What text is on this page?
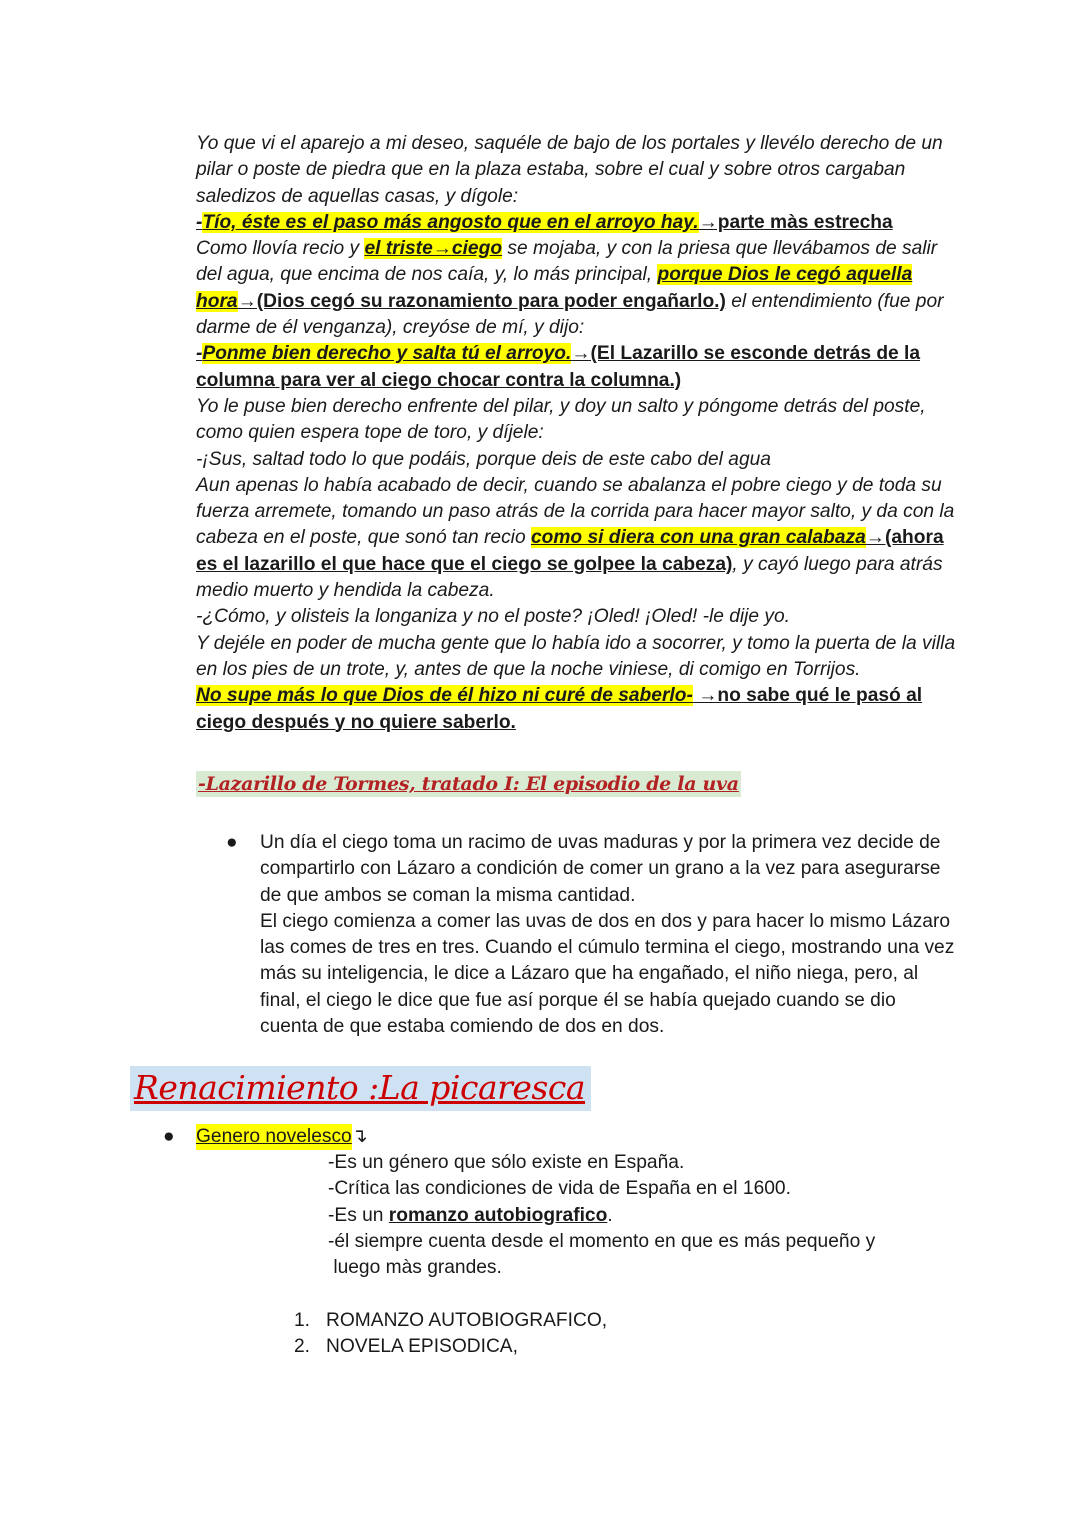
Yo que vi el aparejo a mi deseo, saquéle de bajo de los portales y llevélo derecho de un pilar o poste de piedra que en la plaza estaba, sobre el cual y sobre otros cargaban saledizos de aquellas casas, y dígole:

-Tío, éste es el paso más angosto que en el arroyo hay.→parte màs estrecha

Como llovía recio y el triste→ciego se mojaba, y con la priesa que llevábamos de salir del agua, que encima de nos caía, y, lo más principal, porque Dios le cegó aquella hora→(Dios cegó su razonamiento para poder engañarlo.) el entendimiento (fue por darme de él venganza), creyóse de mí, y dijo:

-Ponme bien derecho y salta tú el arroyo.→(El Lazarillo se esconde detrás de la columna para ver al ciego chocar contra la columna.)

Yo le puse bien derecho enfrente del pilar, y doy un salto y póngome detrás del poste, como quien espera tope de toro, y díjele:

-¡Sus, saltad todo lo que podáis, porque deis de este cabo del agua

Aun apenas lo había acabado de decir, cuando se abalanza el pobre ciego y de toda su fuerza arremete, tomando un paso atrás de la corrida para hacer mayor salto, y da con la cabeza en el poste, que sonó tan recio como si diera con una gran calabaza→(ahora es el lazarillo el que hace que el ciego se golpee la cabeza), y cayó luego para atrás medio muerto y hendida la cabeza.

-¿Cómo, y olisteis la longaniza y no el poste? ¡Oled! ¡Oled! -le dije yo.

Y dejéle en poder de mucha gente que lo había ido a socorrer, y tomo la puerta de la villa en los pies de un trote, y, antes de que la noche viniese, di comigo en Torrijos.

No supe más lo que Dios de él hizo ni curé de saberlo- →no sabe qué le pasó al ciego después y no quiere saberlo.

-Lazarillo de Tormes, tratado I: El episodio de la uva
●	Un día el ciego toma un racimo de uvas maduras y por la primera vez decide de compartirlo con Lázaro a condición de comer un grano a la vez para asegurarse de que ambos se coman la misma cantidad.

El ciego comienza a comer las uvas de dos en dos y para hacer lo mismo Lázaro las comes de tres en tres. Cuando el cúmulo termina el ciego, mostrando una vez más su inteligencia, le dice a Lázaro que ha engañado, el niño niega, pero, al final, el ciego le dice que fue así porque él se había quejado cuando se dio cuenta de que estaba comiendo de dos en dos.

Renacimiento :La picaresca
●	Genero novelesco ↴

-Es un género que sólo existe en España.

-Crítica las condiciones de vida de España en el 1600.

-Es un romanzo autobiografico.

-él siempre cuenta desde el momento en que es más pequeño y

luego màs grandes.

1. ROMANZO AUTOBIOGRAFICO,
2. NOVELA EPISODICA,
